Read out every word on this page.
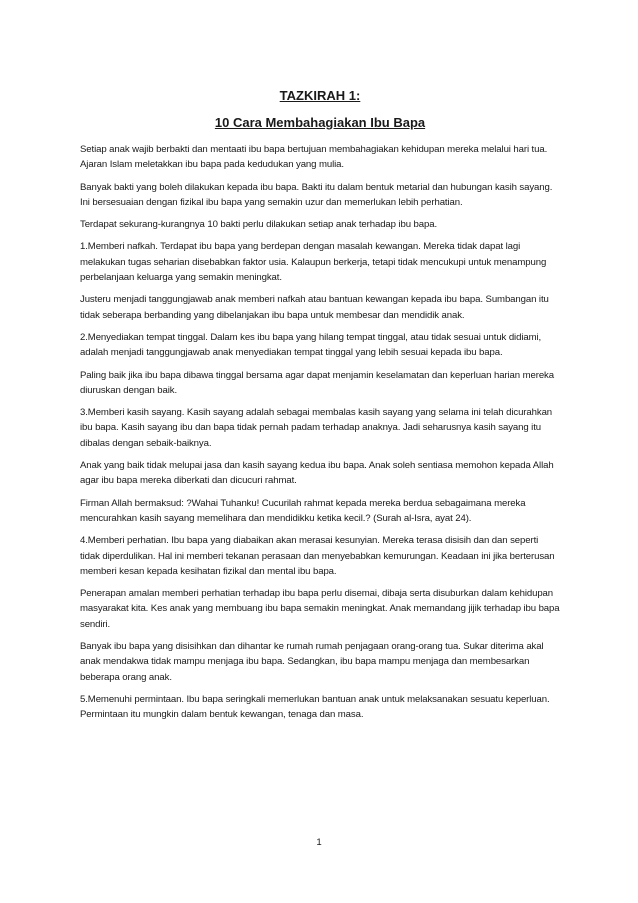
TAZKIRAH 1:

10 Cara Membahagiakan Ibu Bapa

Setiap anak wajib berbakti dan mentaati ibu bapa bertujuan membahagiakan kehidupan mereka melalui hari tua. Ajaran Islam meletakkan ibu bapa pada kedudukan yang mulia.

Banyak bakti yang boleh dilakukan kepada ibu bapa. Bakti itu dalam bentuk metarial dan hubungan kasih sayang. Ini bersesuaian dengan fizikal ibu bapa yang semakin uzur dan memerlukan lebih perhatian.

Terdapat sekurang-kurangnya 10 bakti perlu dilakukan setiap anak terhadap ibu bapa.

1.Memberi nafkah. Terdapat ibu bapa yang berdepan dengan masalah kewangan. Mereka tidak dapat lagi melakukan tugas seharian disebabkan faktor usia. Kalaupun berkerja, tetapi tidak mencukupi untuk menampung perbelanjaan keluarga yang semakin meningkat.

Justeru menjadi tanggungjawab anak memberi nafkah atau bantuan kewangan kepada ibu bapa. Sumbangan itu tidak seberapa berbanding yang dibelanjakan ibu bapa untuk membesar dan mendidik anak.

2.Menyediakan tempat tinggal. Dalam kes ibu bapa yang hilang tempat tinggal, atau tidak sesuai untuk didiami, adalah menjadi tanggungjawab anak menyediakan tempat tinggal yang lebih sesuai kepada ibu bapa.

Paling baik jika ibu bapa dibawa tinggal bersama agar dapat menjamin keselamatan dan keperluan harian mereka diuruskan dengan baik.

3.Memberi kasih sayang. Kasih sayang adalah sebagai membalas kasih sayang yang selama ini telah dicurahkan ibu bapa. Kasih sayang ibu dan bapa tidak pernah padam terhadap anaknya. Jadi seharusnya kasih sayang itu dibalas dengan sebaik-baiknya.

Anak yang baik tidak melupai jasa dan kasih sayang kedua ibu bapa. Anak soleh sentiasa memohon kepada Allah agar ibu bapa mereka diberkati dan dicucuri rahmat.

Firman Allah bermaksud: ?Wahai Tuhanku! Cucurilah rahmat kepada mereka berdua sebagaimana mereka mencurahkan kasih sayang memelihara dan mendidikku ketika kecil.? (Surah al-Isra, ayat 24).

4.Memberi perhatian. Ibu bapa yang diabaikan akan merasai kesunyian. Mereka terasa disisih dan dan seperti tidak diperdulikan. Hal ini memberi tekanan perasaan dan menyebabkan kemurungan. Keadaan ini jika berterusan memberi kesan kepada kesihatan fizikal dan mental ibu bapa.

Penerapan amalan memberi perhatian terhadap ibu bapa perlu disemai, dibaja serta disuburkan dalam kehidupan masyarakat kita. Kes anak yang membuang ibu bapa semakin meningkat. Anak memandang jijik terhadap ibu bapa sendiri.

Banyak ibu bapa yang disisihkan dan dihantar ke rumah rumah penjagaan orang-orang tua. Sukar diterima akal anak mendakwa tidak mampu menjaga ibu bapa. Sedangkan, ibu bapa mampu menjaga dan membesarkan beberapa orang anak.

5.Memenuhi permintaan. Ibu bapa seringkali memerlukan bantuan anak untuk melaksanakan sesuatu keperluan. Permintaan itu mungkin dalam bentuk kewangan, tenaga dan masa.

1
